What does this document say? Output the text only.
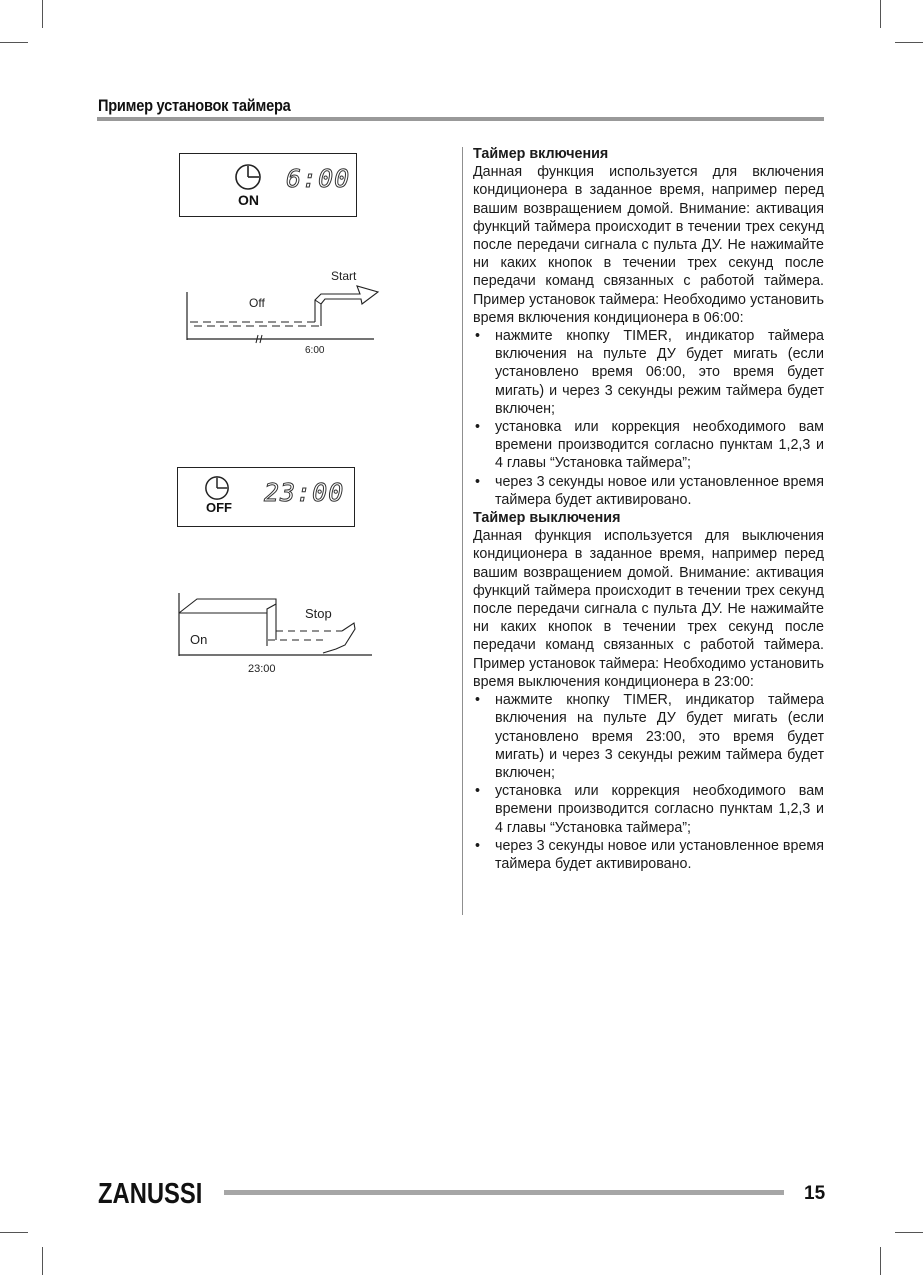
Пример установок таймера
ON
6:00
Off
Start
6:00
OFF
23:00
On
Stop
23:00
Таймер включения

Данная функция используется для включения кондиционера в заданное время, например перед вашим возвращением домой. Внимание: активация функций таймера происходит в течении трех секунд после передачи сигнала с пульта ДУ. Не нажимайте ни каких кнопок в течении трех секунд после передачи команд связанных с работой таймера. Пример установок таймера: Необходимо установить время включения кондиционера в 06:00:

• нажмите кнопку TIMER, индикатор таймера включения на пульте ДУ будет мигать (если установлено время 06:00, это время будет мигать) и через 3 секунды режим таймера будет включен;
• установка или коррекция необходимого вам времени производится согласно пунктам 1,2,3 и 4 главы “Установка таймера”;
• через 3 секунды новое или установленное время таймера будет активировано.
Таймер выключения

Данная функция используется для выключения кондиционера в заданное время, например перед вашим возвращением домой. Внимание: активация функций таймера происходит в течении трех секунд после передачи сигнала с пульта ДУ. Не нажимайте ни каких кнопок в течении трех секунд после передачи команд связанных с работой таймера. Пример установок таймера: Необходимо установить время выключения кондиционера в 23:00:

• нажмите кнопку TIMER, индикатор таймера включения на пульте ДУ будет мигать (если установлено время 23:00, это время будет мигать) и через 3 секунды режим таймера будет включен;
• установка или коррекция необходимого вам времени производится согласно пунктам 1,2,3 и 4 главы “Установка таймера”;
• через 3 секунды новое или установленное время таймера будет активировано.
ZANUSSI	15
